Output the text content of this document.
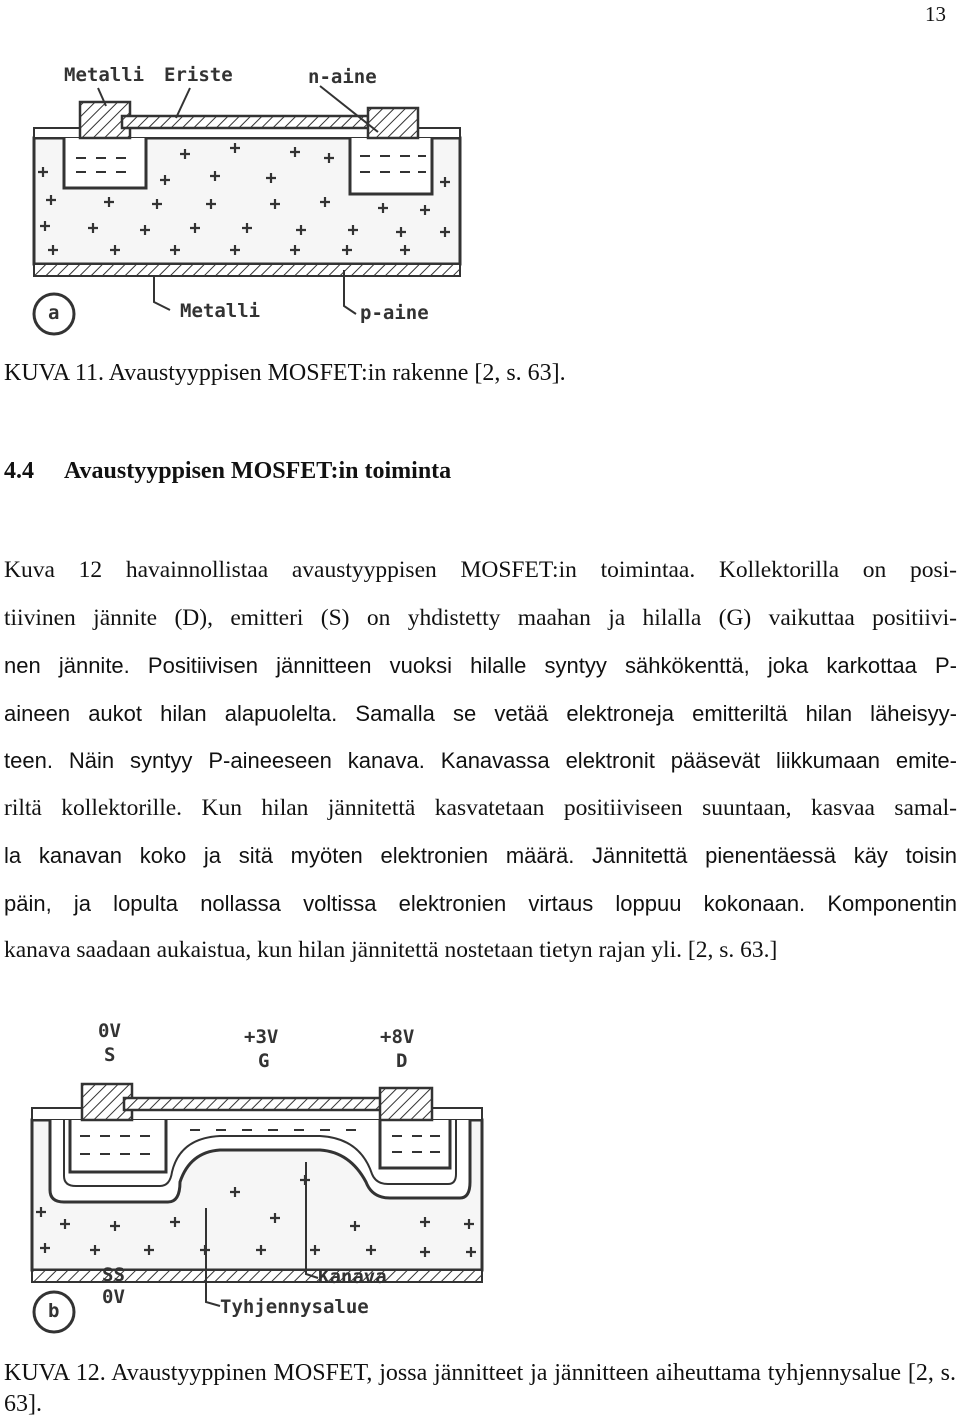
13
Metalli Eriste	n-aine
Metalli	p-aine
a
KUVA 11. Avaustyyppisen MOSFET:in rakenne [2, s. 63].
4.4 Avaustyyppisen MOSFET:in toiminta
Kuva 12 havainnollistaa avaustyyppisen MOSFET:in toimintaa. Kollektorilla on posi-
tiivinen jännite (D), emitteri (S) on yhdistetty maahan ja hilalla (G) vaikuttaa positiivi-
nen jännite. Positiivisen jännitteen vuoksi hilalle syntyy sähkökenttä, joka karkottaa P-
aineen aukot hilan alapuolelta. Samalla se vetää elektroneja emitteriltä hilan läheisyy-
teen. Näin syntyy P-aineeseen kanava. Kanavassa elektronit pääsevät liikkumaan emite-
riltä kollektorille. Kun hilan jännitettä kasvatetaan positiiviseen suuntaan, kasvaa samal-
la kanavan koko ja sitä myöten elektronien määrä. Jännitettä pienentäessä käy toisin
päin, ja lopulta nollassa voltissa elektronien virtaus loppuu kokonaan. Komponentin
kanava saadaan aukaistua, kun hilan jännitettä nostetaan tietyn rajan yli. [2, s. 63.]
0V
S
+3V
G
+8V
D
SS
0V
Kanava
Tyhjennysalue
b
KUVA 12. Avaustyyppinen MOSFET, jossa jännitteet ja jännitteen aiheuttama tyhjennysalue [2, s. 63].
